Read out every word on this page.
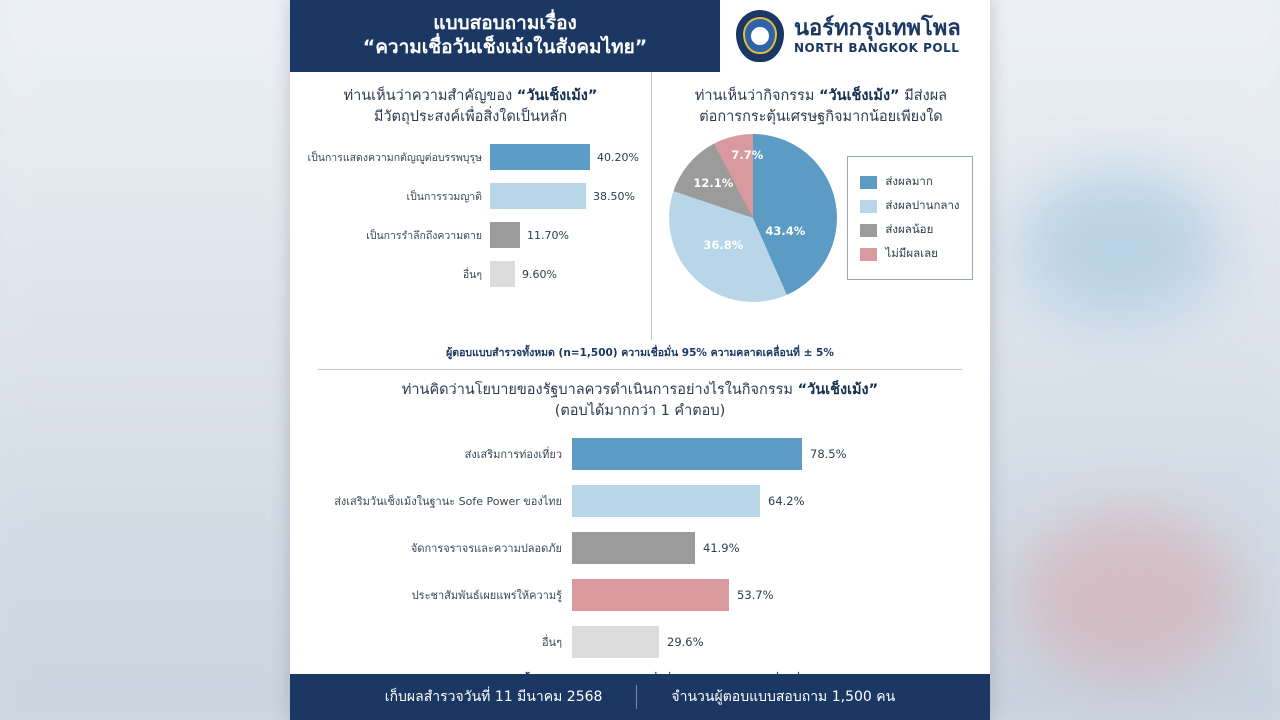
แบบสอบถามเรื่อง
“ความเชื่อวันเช็งเม้งในสังคมไทย”
นอร์ทกรุงเทพโพล
NORTH BANGKOK POLL
ท่านเห็นว่าความสำคัญของ “วันเช็งเม้ง”
มีวัตถุประสงค์เพื่อสิ่งใดเป็นหลัก
เป็นการแสดงความกตัญญูต่อบรรพบุรุษ	40.20%
เป็นการรวมญาติ	38.50%
เป็นการรำลึกถึงความตาย	11.70%
อื่นๆ	9.60%
ท่านเห็นว่ากิจกรรม “วันเช็งเม้ง” มีส่งผล
ต่อการกระตุ้นเศรษฐกิจมากน้อยเพียงใด
43.4%
36.8%
12.1%
7.7%
ส่งผลมาก
ส่งผลปานกลาง
ส่งผลน้อย
ไม่มีผลเลย
ผู้ตอบแบบสำรวจทั้งหมด (n=1,500) ความเชื่อมั่น 95% ความคลาดเคลื่อนที่ ± 5%
ท่านคิดว่านโยบายของรัฐบาลควรดำเนินการอย่างไรในกิจกรรม “วันเช็งเม้ง”
(ตอบได้มากกว่า 1 คำตอบ)
ส่งเสริมการท่องเที่ยว	78.5%
ส่งเสริมวันเช็งเม้งในฐานะ Sofe Power ของไทย	64.2%
จัดการจราจรและความปลอดภัย	41.9%
ประชาสัมพันธ์เผยแพร่ให้ความรู้	53.7%
อื่นๆ	29.6%
เก็บผลสำรวจวันที่ 11 มีนาคม 2568	จำนวนผู้ตอบแบบสอบถาม 1,500 คน
